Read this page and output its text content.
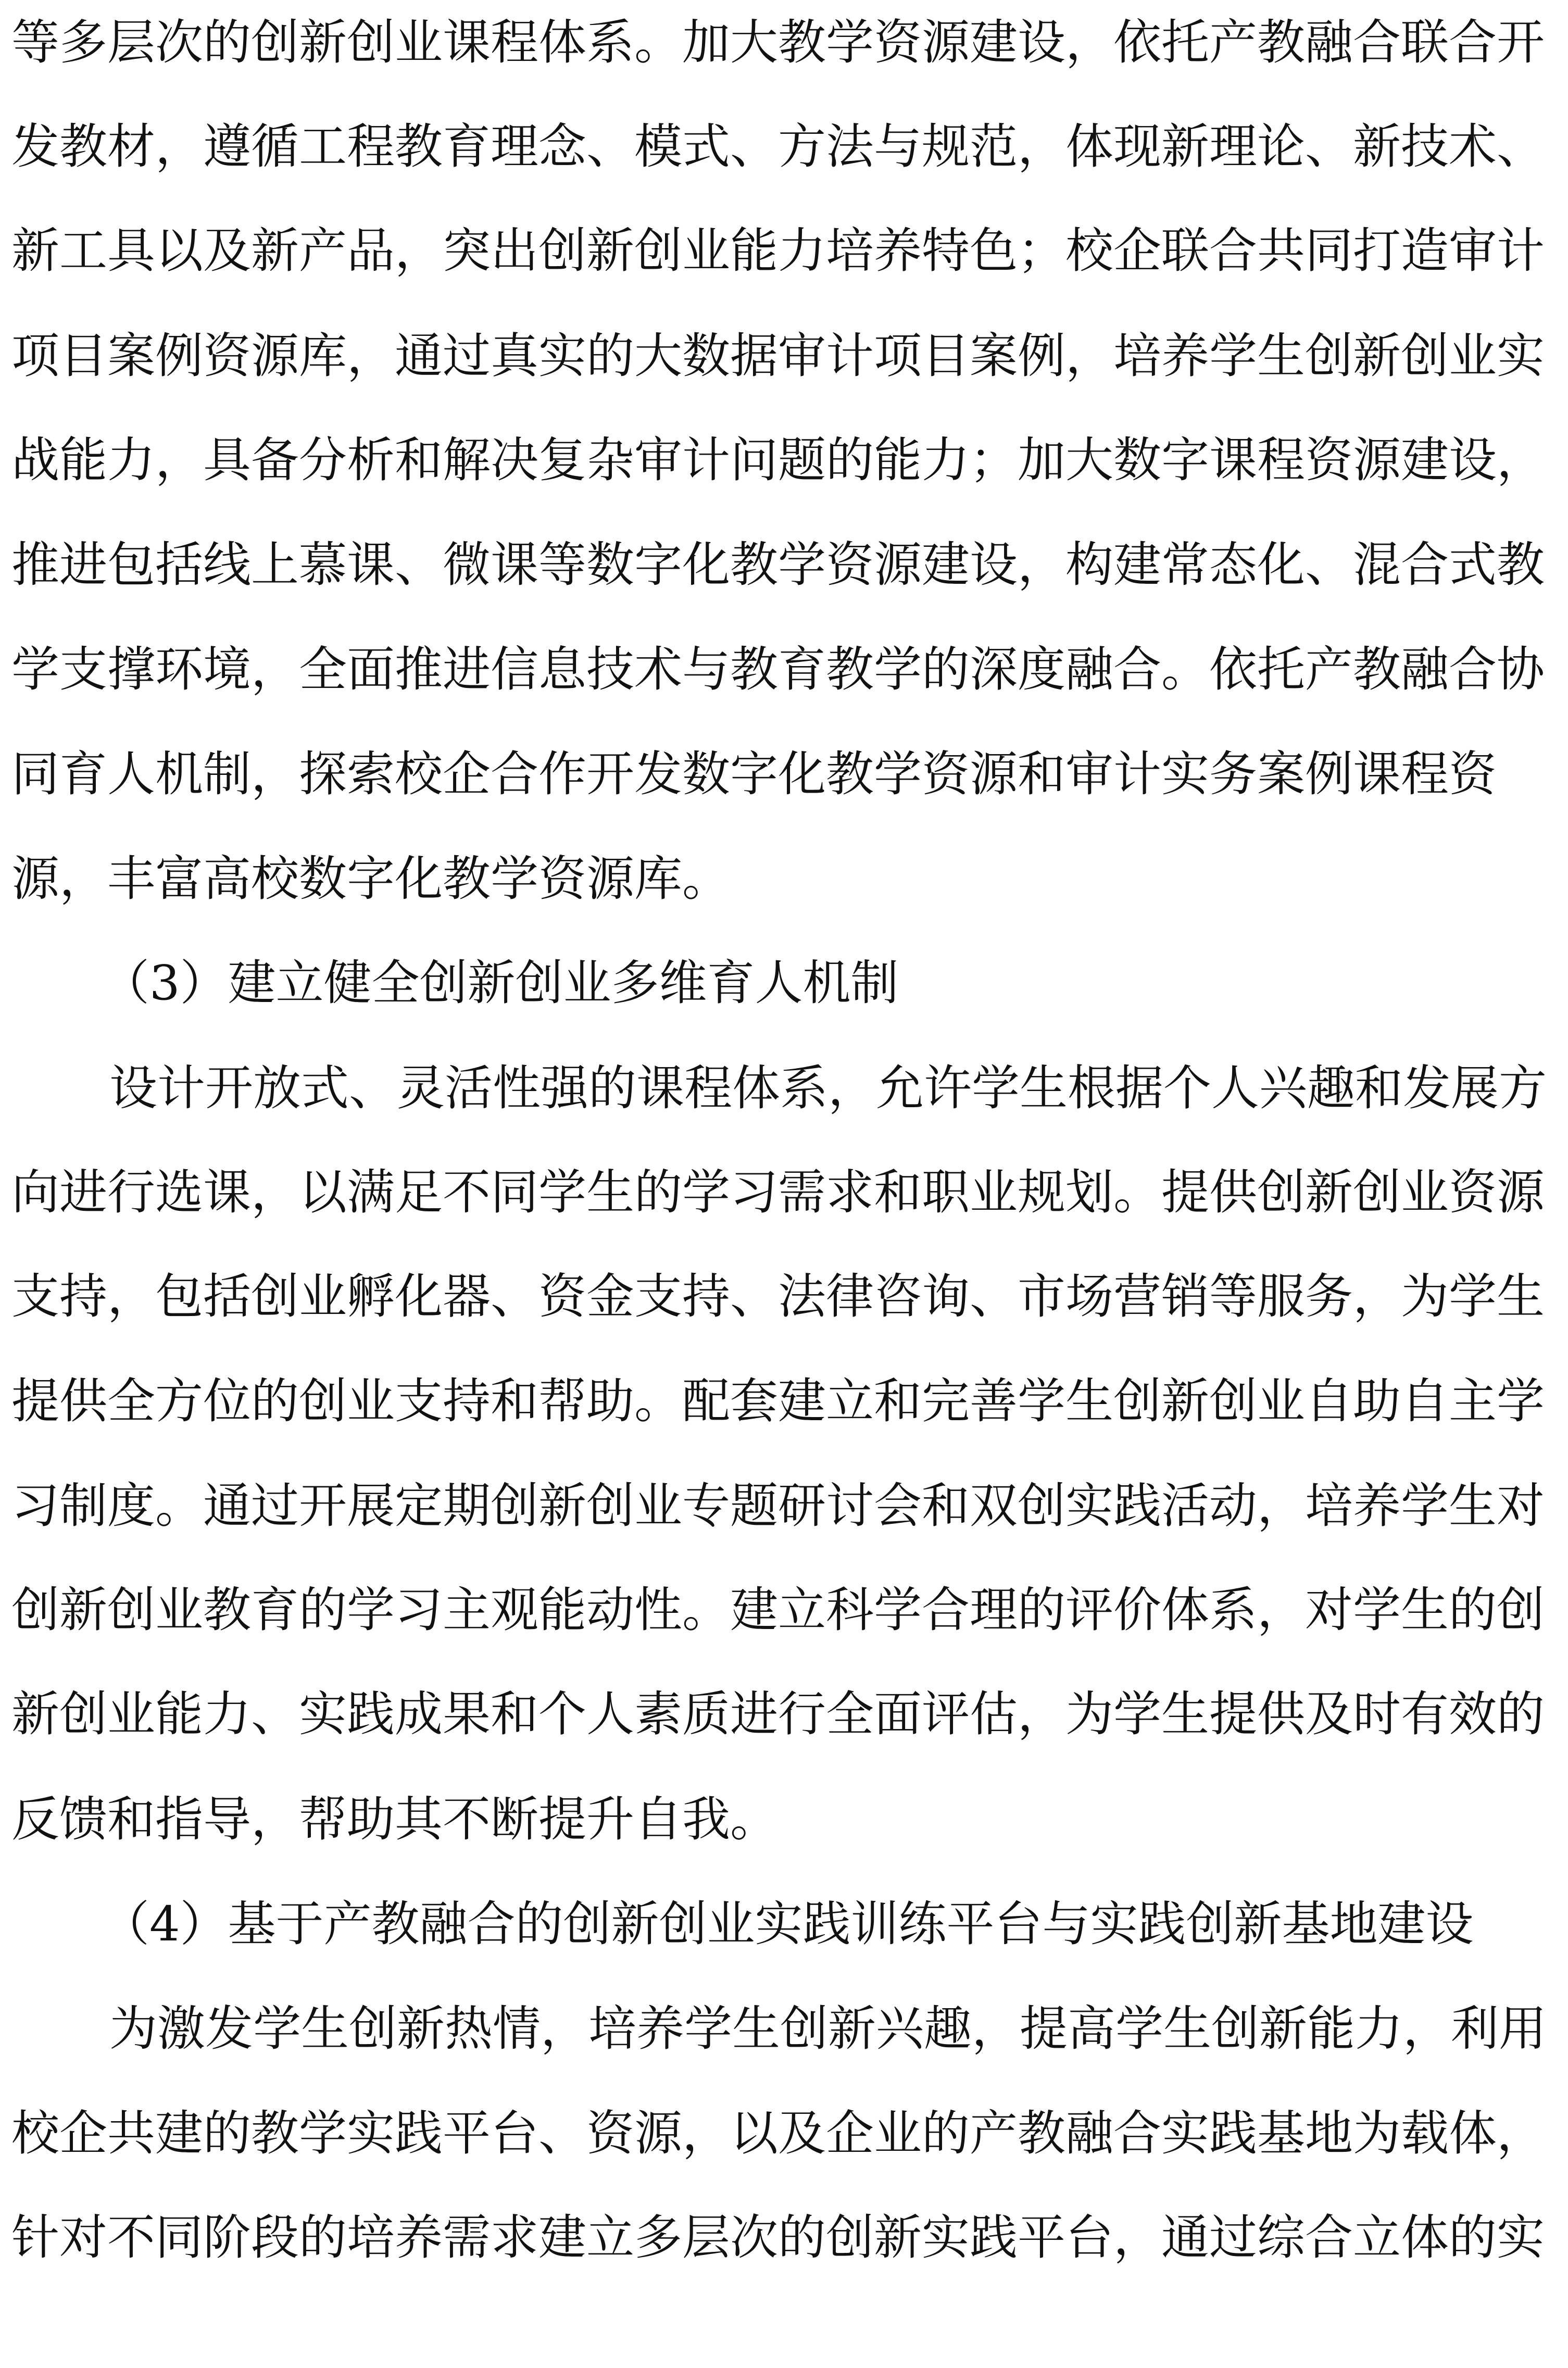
等多层次的创新创业课程体系。加大教学资源建设，依托产教融合联合开
发教材，遵循工程教育理念、模式、方法与规范，体现新理论、新技术、
新工具以及新产品，突出创新创业能力培养特色；校企联合共同打造审计
项目案例资源库，通过真实的大数据审计项目案例，培养学生创新创业实
战能力，具备分析和解决复杂审计问题的能力；加大数字课程资源建设，
推进包括线上慕课、微课等数字化教学资源建设，构建常态化、混合式教
学支撑环境，全面推进信息技术与教育教学的深度融合。依托产教融合协
同育人机制，探索校企合作开发数字化教学资源和审计实务案例课程资
源，丰富高校数字化教学资源库。
（3）建立健全创新创业多维育人机制
设计开放式、灵活性强的课程体系，允许学生根据个人兴趣和发展方
向进行选课，以满足不同学生的学习需求和职业规划。提供创新创业资源
支持，包括创业孵化器、资金支持、法律咨询、市场营销等服务，为学生
提供全方位的创业支持和帮助。配套建立和完善学生创新创业自助自主学
习制度。通过开展定期创新创业专题研讨会和双创实践活动，培养学生对
创新创业教育的学习主观能动性。建立科学合理的评价体系，对学生的创
新创业能力、实践成果和个人素质进行全面评估，为学生提供及时有效的
反馈和指导，帮助其不断提升自我。
（4）基于产教融合的创新创业实践训练平台与实践创新基地建设
为激发学生创新热情，培养学生创新兴趣，提高学生创新能力，利用
校企共建的教学实践平台、资源，以及企业的产教融合实践基地为载体，
针对不同阶段的培养需求建立多层次的创新实践平台，通过综合立体的实
